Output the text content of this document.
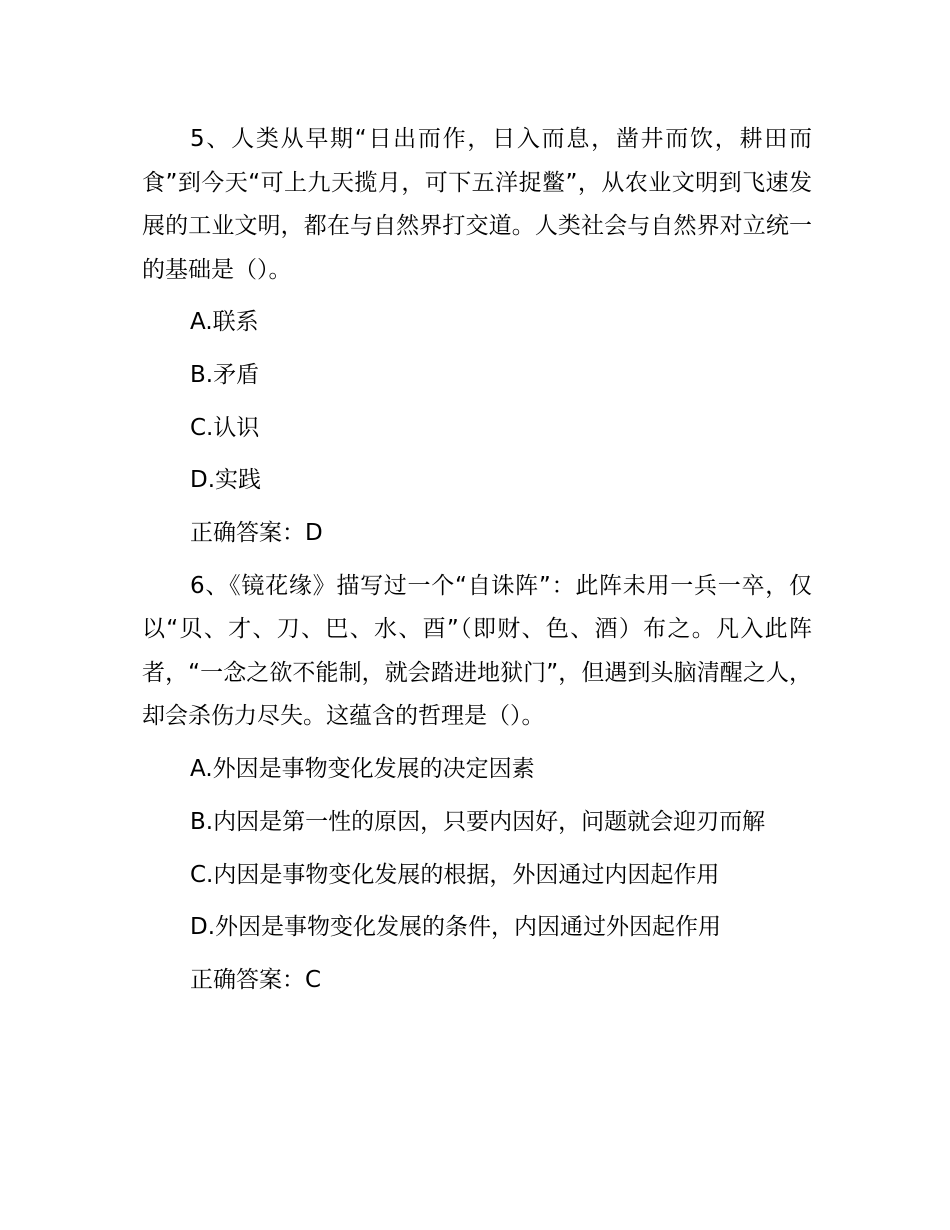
5、人类从早期“日出而作，日入而息，凿井而饮，耕田而食”到今天“可上九天揽月，可下五洋捉鳖”，从农业文明到飞速发展的工业文明，都在与自然界打交道。人类社会与自然界对立统一的基础是（）。

A.联系

B.矛盾

C.认识

D.实践

正确答案：D

6、《镜花缘》描写过一个“自诛阵”：此阵未用一兵一卒，仅以“贝、才、刀、巴、水、酉”（即财、色、酒）布之。凡入此阵者，“一念之欲不能制，就会踏进地狱门”，但遇到头脑清醒之人，却会杀伤力尽失。这蕴含的哲理是（）。

A.外因是事物变化发展的决定因素

B.内因是第一性的原因，只要内因好，问题就会迎刃而解

C.内因是事物变化发展的根据，外因通过内因起作用

D.外因是事物变化发展的条件，内因通过外因起作用

正确答案：C
